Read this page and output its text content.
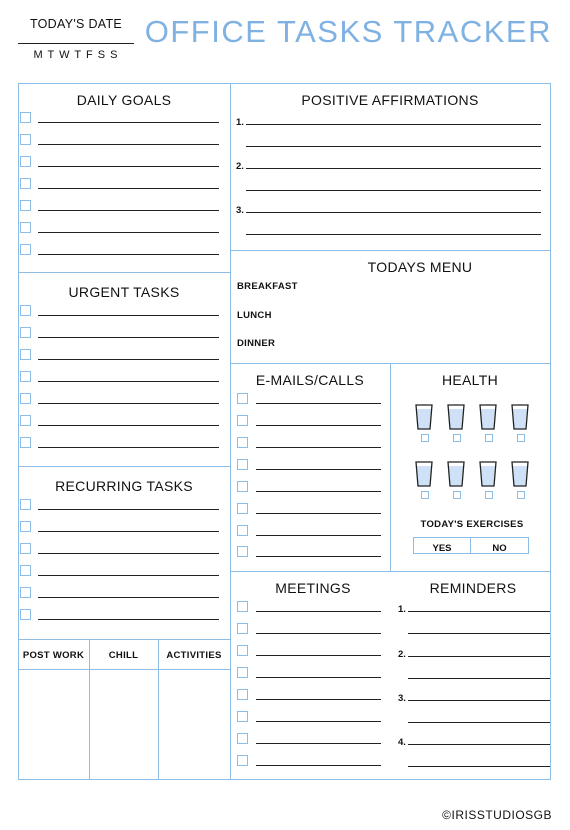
TODAY'S DATE
M T W T F S S
OFFICE TASKS TRACKER
DAILY GOALS	POSITIVE AFFIRMATIONS
URGENT TASKS
TODAYS MENU
RECURRING TASKS
E-MAILS/CALLS	HEALTH
MEETINGS	REMINDERS
POST WORK	CHILL	ACTIVITIES
1.
2.
3.
BREAKFAST
LUNCH
DINNER
TODAY'S EXERCISES
YES	NO
1.
2.
3.
4.
©IRISSTUDIOSGB
